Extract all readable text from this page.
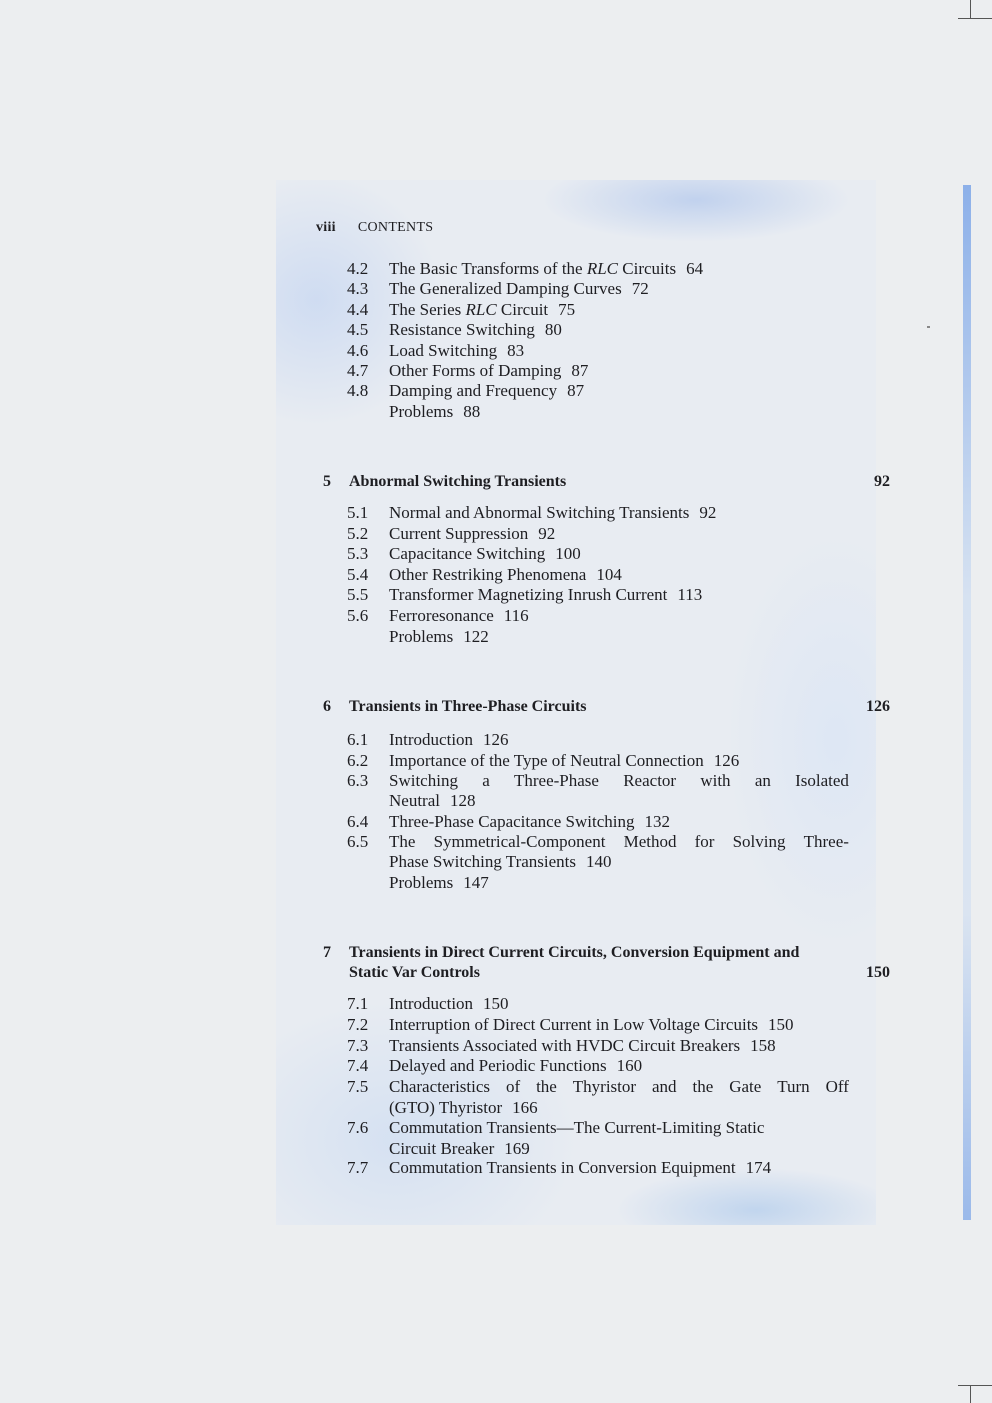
viii CONTENTS
4.2 The Basic Transforms of the RLC Circuits 64
4.3 The Generalized Damping Curves 72
4.4 The Series RLC Circuit 75
4.5 Resistance Switching 80
4.6 Load Switching 83
4.7 Other Forms of Damping 87
4.8 Damping and Frequency 87
Problems 88
5 Abnormal Switching Transients	92
5.1 Normal and Abnormal Switching Transients 92
5.2 Current Suppression 92
5.3 Capacitance Switching 100
5.4 Other Restriking Phenomena 104
5.5 Transformer Magnetizing Inrush Current 113
5.6 Ferroresonance 116
Problems 122
6 Transients in Three-Phase Circuits	126
6.1 Introduction 126
6.2 Importance of the Type of Neutral Connection 126
6.3 Switching a Three-Phase Reactor with an Isolated
Neutral 128
6.4 Three-Phase Capacitance Switching 132
6.5 The Symmetrical-Component Method for Solving Three-
Phase Switching Transients 140
Problems 147
7 Transients in Direct Current Circuits, Conversion Equipment and
Static Var Controls	150
7.1 Introduction 150
7.2 Interruption of Direct Current in Low Voltage Circuits 150
7.3 Transients Associated with HVDC Circuit Breakers 158
7.4 Delayed and Periodic Functions 160
7.5 Characteristics of the Thyristor and the Gate Turn Off
(GTO) Thyristor 166
7.6 Commutation Transients—The Current-Limiting Static
Circuit Breaker 169
7.7 Commutation Transients in Conversion Equipment 174
